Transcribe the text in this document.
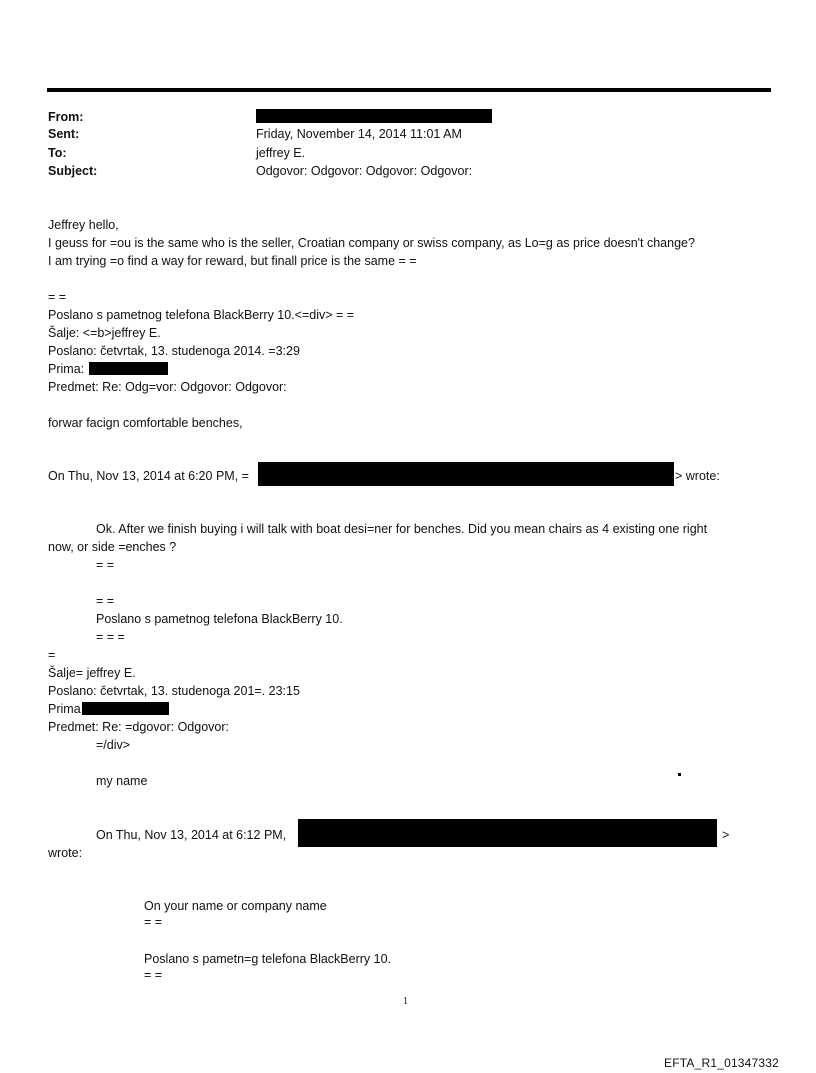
From:
Sent:	Friday, November 14, 2014 11:01 AM
To:	jeffrey E.
Subject:	Odgovor: Odgovor: Odgovor: Odgovor:
Jeffrey hello,
I geuss for =ou is the same who is the seller, Croatian company or swiss company, as Lo=g as price doesn't change?
I am trying =o find a way for reward, but finall price is the same = =
= =
Poslano s pametnog telefona BlackBerry 10.<=div> = =
Šalje: <=b>jeffrey E.
Poslano: četvrtak, 13. studenoga 2014. =3:29
Prima:
Predmet: Re: Odg=vor: Odgovor: Odgovor:
forwar facign comfortable benches,
On Thu, Nov 13, 2014 at 6:20 PM, =	> wrote:
Ok. After we finish buying i will talk with boat desi=ner for benches. Did you mean chairs as 4 existing one right
now, or side =enches ?
= =
= =
Poslano s pametnog telefona BlackBerry 10.
= = =
=
Šalje= jeffrey E.
Poslano: četvrtak, 13. studenoga 201=. 23:15
Prima
Predmet: Re: =dgovor: Odgovor:
=/div>
my name
On Thu, Nov 13, 2014 at 6:12 PM,	>
wrote:
On your name or company name
= =
Poslano s pametn=g telefona BlackBerry 10.
= =
1
EFTA_R1_01347332
